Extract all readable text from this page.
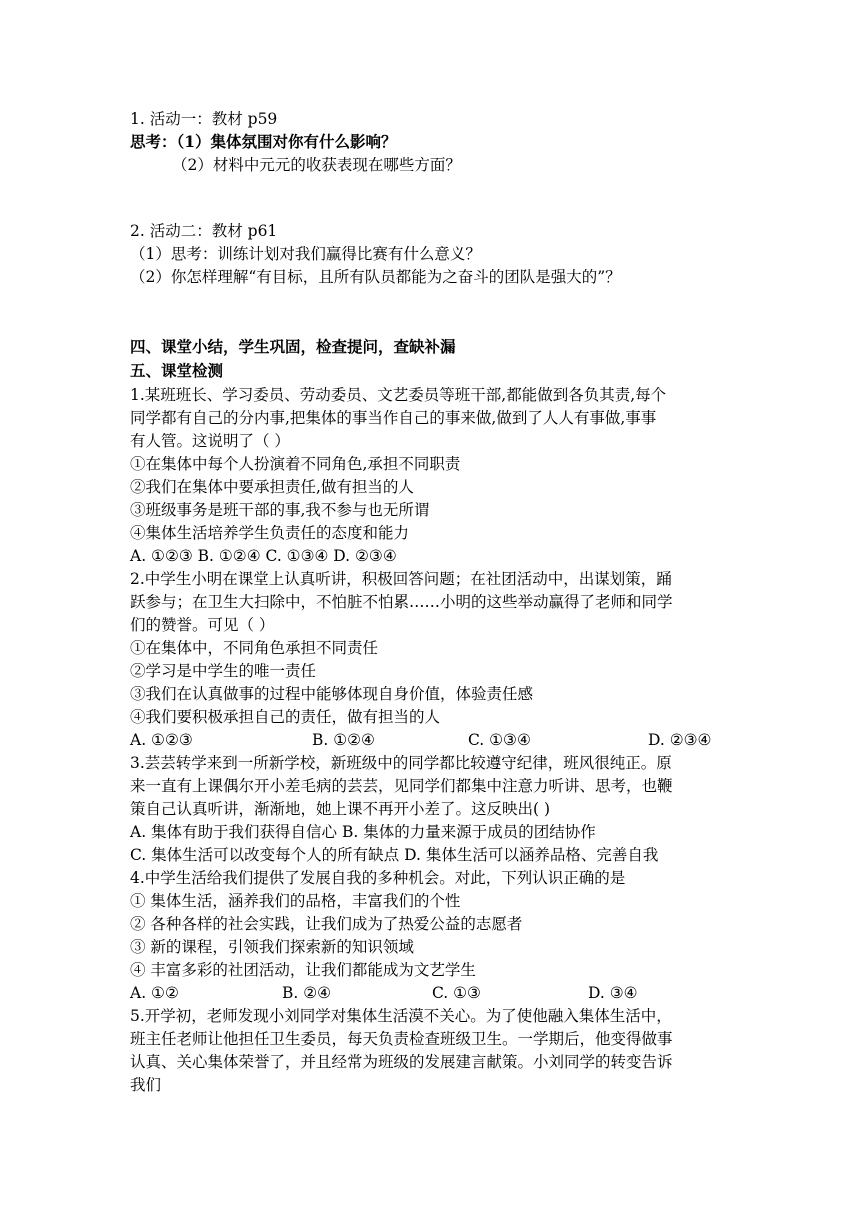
1. 活动一：教材 p59
思考：（1）集体氛围对你有什么影响？
（2）材料中元元的收获表现在哪些方面？
2. 活动二：教材 p61
（1）思考：训练计划对我们赢得比赛有什么意义？
（2）你怎样理解“有目标，且所有队员都能为之奋斗的团队是强大的”？
四、课堂小结，学生巩固，检查提问，查缺补漏
五、课堂检测
1.某班班长、学习委员、劳动委员、文艺委员等班干部,都能做到各负其责,每个
同学都有自己的分内事,把集体的事当作自己的事来做,做到了人人有事做,事事
有人管。这说明了（ ）
①在集体中每个人扮演着不同角色,承担不同职责
②我们在集体中要承担责任,做有担当的人
③班级事务是班干部的事,我不参与也无所谓
④集体生活培养学生负责任的态度和能力
A. ①②③ B. ①②④ C. ①③④ D. ②③④
2.中学生小明在课堂上认真听讲，积极回答问题；在社团活动中，出谋划策，踊
跃参与；在卫生大扫除中，不怕脏不怕累……小明的这些举动赢得了老师和同学
们的赞誉。可见（ ）
①在集体中，不同角色承担不同责任
②学习是中学生的唯一责任
③我们在认真做事的过程中能够体现自身价值，体验责任感
④我们要积极承担自己的责任，做有担当的人
A. ①②③	B. ①②④	C. ①③④	D. ②③④
3.芸芸转学来到一所新学校，新班级中的同学都比较遵守纪律，班风很纯正。原
来一直有上课偶尔开小差毛病的芸芸，见同学们都集中注意力听讲、思考，也鞭
策自己认真听讲，渐渐地，她上课不再开小差了。这反映出( )
A. 集体有助于我们获得自信心 B. 集体的力量来源于成员的团结协作
C. 集体生活可以改变每个人的所有缺点 D. 集体生活可以涵养品格、完善自我
4.中学生活给我们提供了发展自我的多种机会。对此，下列认识正确的是
① 集体生活，涵养我们的品格，丰富我们的个性
② 各种各样的社会实践，让我们成为了热爱公益的志愿者
③ 新的课程，引领我们探索新的知识领域
④ 丰富多彩的社团活动，让我们都能成为文艺学生
A. ①②	B. ②④	C. ①③	D. ③④
5.开学初，老师发现小刘同学对集体生活漠不关心。为了使他融入集体生活中，
班主任老师让他担任卫生委员，每天负责检查班级卫生。一学期后，他变得做事
认真、关心集体荣誉了，并且经常为班级的发展建言献策。小刘同学的转变告诉
我们
